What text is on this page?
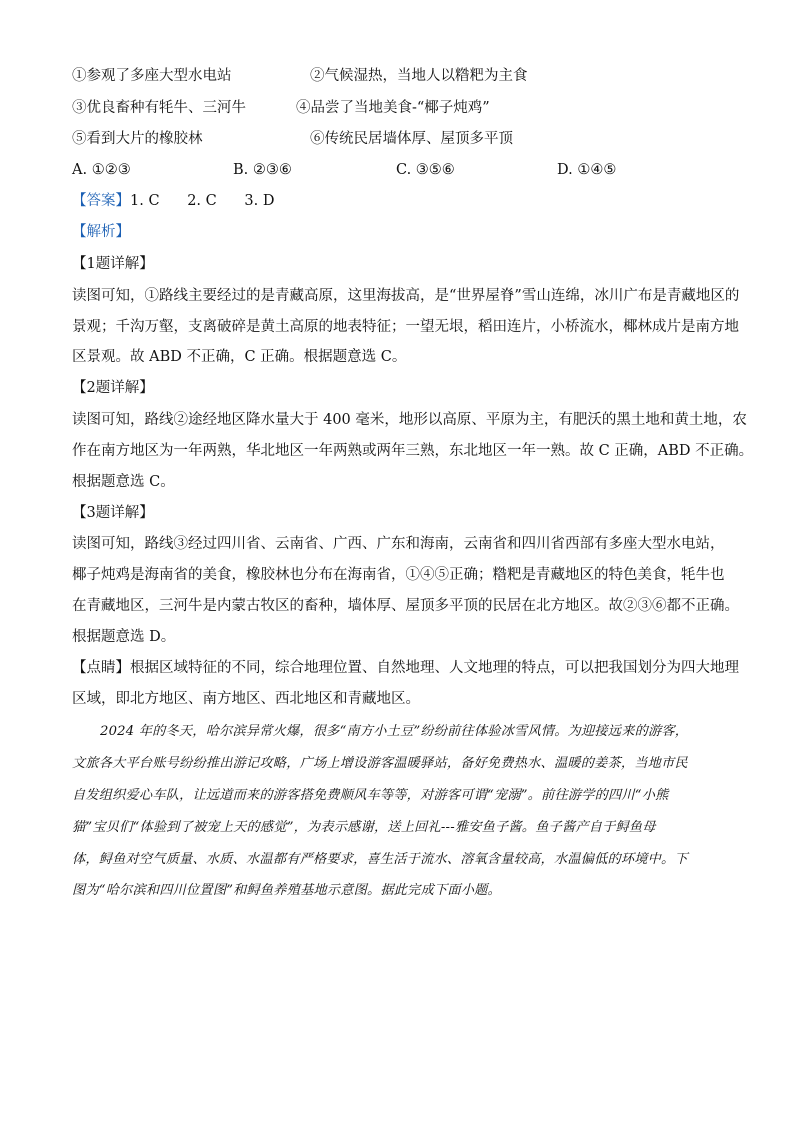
①参观了多座大型水电站	②气候湿热，当地人以糌粑为主食
③优良畜种有牦牛、三河牛	④品尝了当地美食-“椰子炖鸡”
⑤看到大片的橡胶林	⑥传统民居墙体厚、屋顶多平顶
A. ①②③	B. ②③⑥	C. ③⑤⑥	D. ①④⑤
【答案】1. C      2. C      3. D
【解析】
【1题详解】
读图可知，①路线主要经过的是青藏高原，这里海拔高，是“世界屋脊”雪山连绵，冰川广布是青藏地区的
景观；千沟万壑，支离破碎是黄土高原的地表特征；一望无垠，稻田连片，小桥流水，椰林成片是南方地
区景观。故 ABD 不正确，C 正确。根据题意选 C。
【2题详解】
读图可知，路线②途经地区降水量大于 400 毫米，地形以高原、平原为主，有肥沃的黑土地和黄土地，农
作在南方地区为一年两熟，华北地区一年两熟或两年三熟，东北地区一年一熟。故 C 正确，ABD 不正确。
根据题意选 C。
【3题详解】
读图可知，路线③经过四川省、云南省、广西、广东和海南，云南省和四川省西部有多座大型水电站，
椰子炖鸡是海南省的美食，橡胶林也分布在海南省，①④⑤正确；糌粑是青藏地区的特色美食，牦牛也
在青藏地区，三河牛是内蒙古牧区的畜种，墙体厚、屋顶多平顶的民居在北方地区。故②③⑥都不正确。
根据题意选 D。
【点睛】根据区域特征的不同，综合地理位置、自然地理、人文地理的特点，可以把我国划分为四大地理
区域，即北方地区、南方地区、西北地区和青藏地区。
2024 年的冬天，哈尔滨异常火爆，很多“南方小土豆”纷纷前往体验冰雪风情。为迎接远来的游客，
文旅各大平台账号纷纷推出游记攻略，广场上增设游客温暖驿站，备好免费热水、温暖的姜茶，当地市民
自发组织爱心车队，让远道而来的游客搭免费顺风车等等，对游客可谓“宠溺”。前往游学的四川“小熊
猫”宝贝们“体验到了被宠上天的感觉”，为表示感谢，送上回礼---雅安鱼子酱。鱼子酱产自于鲟鱼母
体，鲟鱼对空气质量、水质、水温都有严格要求，喜生活于流水、溶氧含量较高，水温偏低的环境中。下
图为“哈尔滨和四川位置图”和鲟鱼养殖基地示意图。据此完成下面小题。
